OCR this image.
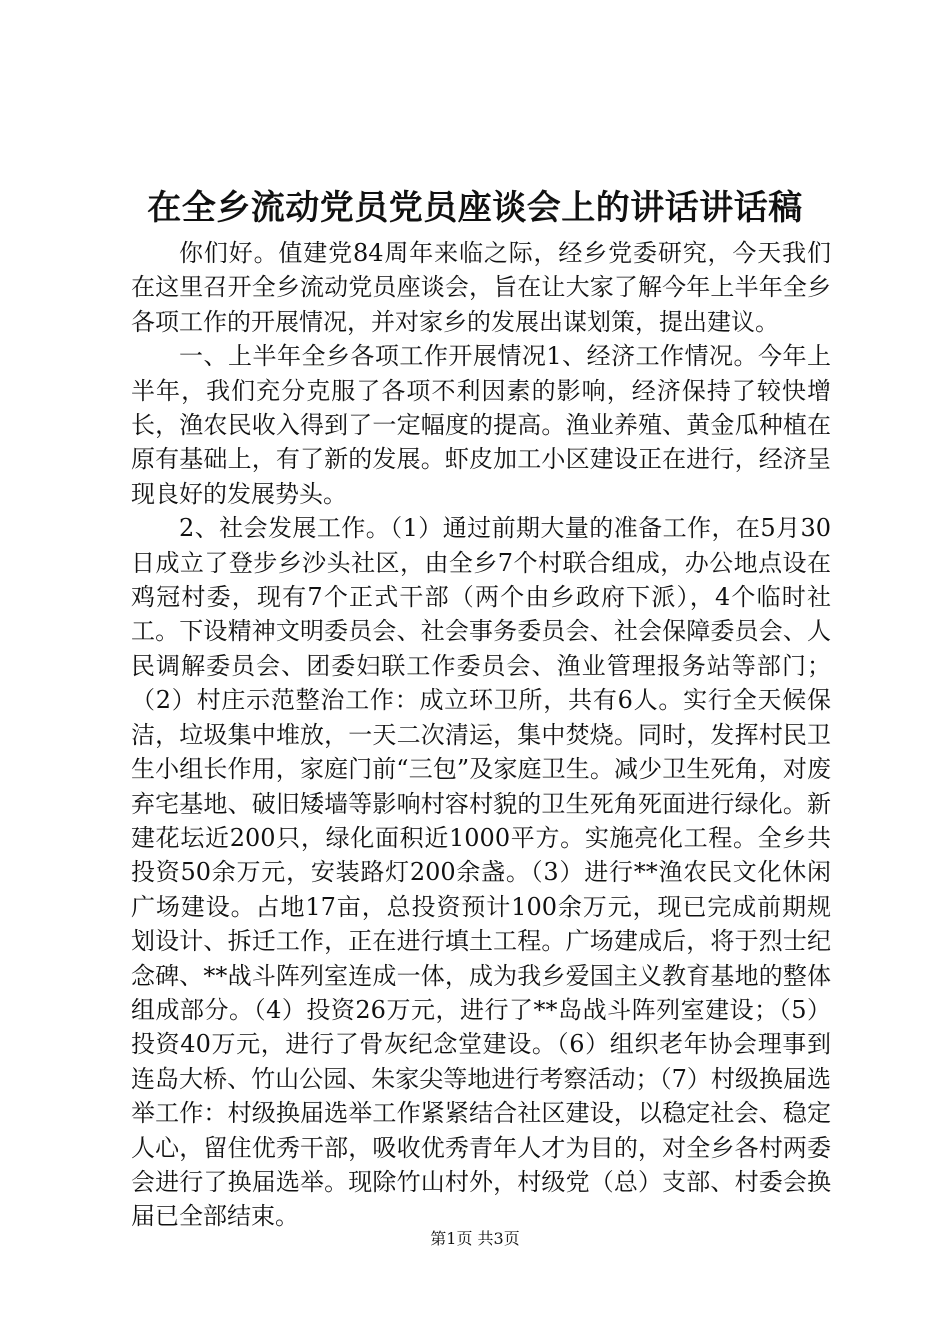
在全乡流动党员党员座谈会上的讲话讲话稿

你们好。值建党84周年来临之际，经乡党委研究，今天我们在这里召开全乡流动党员座谈会，旨在让大家了解今年上半年全乡各项工作的开展情况，并对家乡的发展出谋划策，提出建议。

一、上半年全乡各项工作开展情况1、经济工作情况。今年上半年，我们充分克服了各项不利因素的影响，经济保持了较快增长，渔农民收入得到了一定幅度的提高。渔业养殖、黄金瓜种植在原有基础上，有了新的发展。虾皮加工小区建设正在进行，经济呈现良好的发展势头。

2、社会发展工作。（1）通过前期大量的准备工作，在5月30日成立了登步乡沙头社区，由全乡7个村联合组成，办公地点设在鸡冠村委，现有7个正式干部（两个由乡政府下派），4个临时社工。下设精神文明委员会、社会事务委员会、社会保障委员会、人民调解委员会、团委妇联工作委员会、渔业管理报务站等部门；（2）村庄示范整治工作：成立环卫所，共有6人。实行全天候保洁，垃圾集中堆放，一天二次清运，集中焚烧。同时，发挥村民卫生小组长作用，家庭门前“三包”及家庭卫生。减少卫生死角，对废弃宅基地、破旧矮墙等影响村容村貌的卫生死角死面进行绿化。新建花坛近200只，绿化面积近1000平方。实施亮化工程。全乡共投资50余万元，安装路灯200余盏。（3）进行**渔农民文化休闲广场建设。占地17亩，总投资预计100余万元，现已完成前期规划设计、拆迁工作，正在进行填土工程。广场建成后，将于烈士纪念碑、**战斗阵列室连成一体，成为我乡爱国主义教育基地的整体组成部分。（4）投资26万元，进行了**岛战斗阵列室建设；（5）投资40万元，进行了骨灰纪念堂建设。（6）组织老年协会理事到连岛大桥、竹山公园、朱家尖等地进行考察活动；（7）村级换届选举工作：村级换届选举工作紧紧结合社区建设，以稳定社会、稳定人心，留住优秀干部，吸收优秀青年人才为目的，对全乡各村两委会进行了换届选举。现除竹山村外，村级党（总）支部、村委会换届已全部结束。

第1页 共3页
